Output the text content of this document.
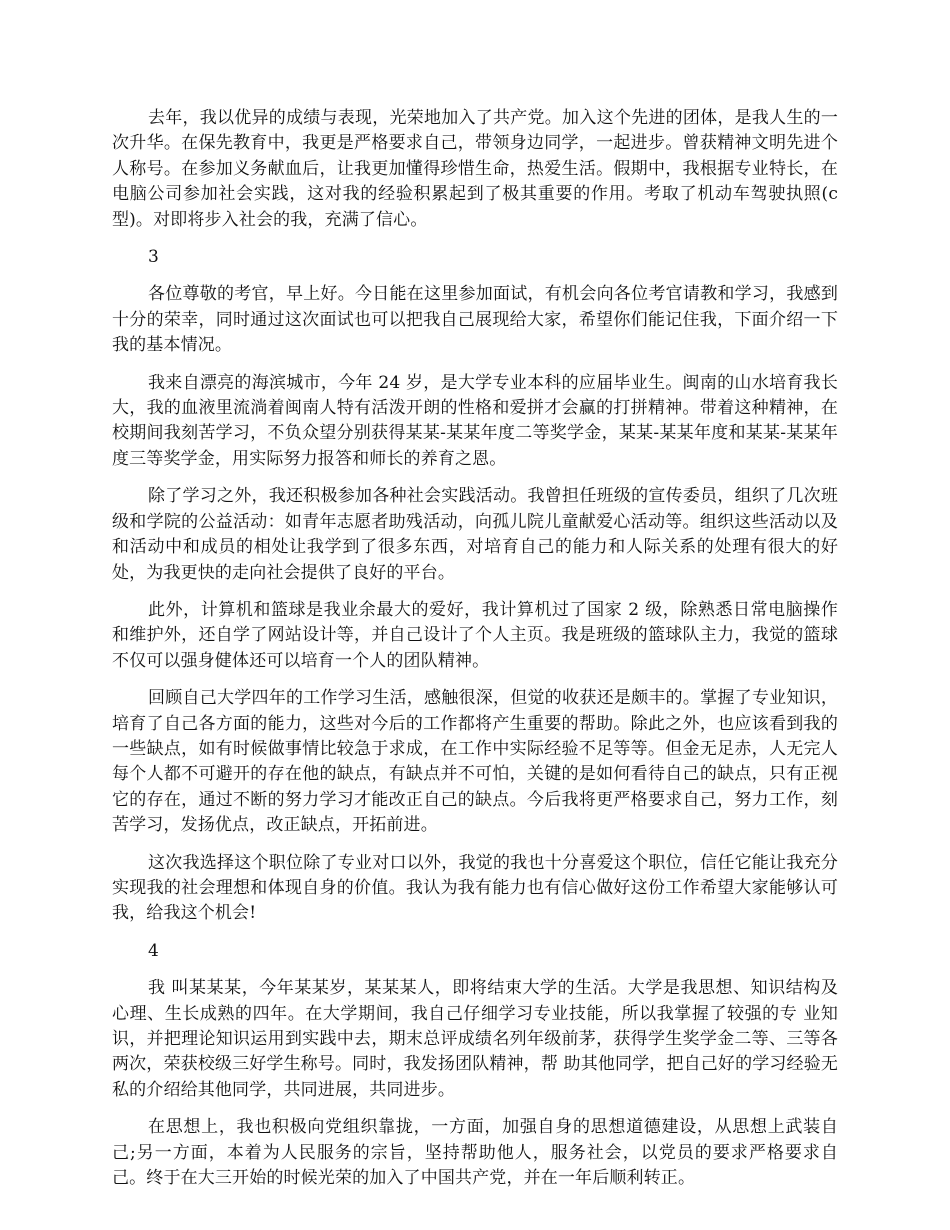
去年，我以优异的成绩与表现，光荣地加入了共产党。加入这个先进的团体，是我人生的一次升华。在保先教育中，我更是严格要求自己，带领身边同学，一起进步。曾获精神文明先进个人称号。在参加义务献血后，让我更加懂得珍惜生命，热爱生活。假期中，我根据专业特长，在电脑公司参加社会实践，这对我的经验积累起到了极其重要的作用。考取了机动车驾驶执照(c 型)。对即将步入社会的我，充满了信心。

3

各位尊敬的考官，早上好。今日能在这里参加面试，有机会向各位考官请教和学习，我感到十分的荣幸，同时通过这次面试也可以把我自己展现给大家，希望你们能记住我，下面介绍一下我的基本情况。

我来自漂亮的海滨城市，今年 24 岁，是大学专业本科的应届毕业生。闽南的山水培育我长大，我的血液里流淌着闽南人特有活泼开朗的性格和爱拼才会赢的打拼精神。带着这种精神，在校期间我刻苦学习，不负众望分别获得某某-某某年度二等奖学金，某某-某某年度和某某-某某年度三等奖学金，用实际努力报答和师长的养育之恩。

除了学习之外，我还积极参加各种社会实践活动。我曾担任班级的宣传委员，组织了几次班级和学院的公益活动：如青年志愿者助残活动，向孤儿院儿童献爱心活动等。组织这些活动以及和活动中和成员的相处让我学到了很多东西，对培育自己的能力和人际关系的处理有很大的好处，为我更快的走向社会提供了良好的平台。

此外，计算机和篮球是我业余最大的爱好，我计算机过了国家 2 级，除熟悉日常电脑操作和维护外，还自学了网站设计等，并自己设计了个人主页。我是班级的篮球队主力，我觉的篮球不仅可以强身健体还可以培育一个人的团队精神。

回顾自己大学四年的工作学习生活，感触很深，但觉的收获还是颇丰的。掌握了专业知识，培育了自己各方面的能力，这些对今后的工作都将产生重要的帮助。除此之外，也应该看到我的一些缺点，如有时候做事情比较急于求成，在工作中实际经验不足等等。但金无足赤，人无完人每个人都不可避开的存在他的缺点，有缺点并不可怕，关键的是如何看待自己的缺点，只有正视它的存在，通过不断的努力学习才能改正自己的缺点。今后我将更严格要求自己，努力工作，刻苦学习，发扬优点，改正缺点，开拓前进。

这次我选择这个职位除了专业对口以外，我觉的我也十分喜爱这个职位，信任它能让我充分实现我的社会理想和体现自身的价值。我认为我有能力也有信心做好这份工作希望大家能够认可我，给我这个机会!

4

我 叫某某某，今年某某岁，某某某人，即将结束大学的生活。大学是我思想、知识结构及心理、生长成熟的四年。在大学期间，我自己仔细学习专业技能，所以我掌握了较强的专 业知识，并把理论知识运用到实践中去，期末总评成绩名列年级前茅，获得学生奖学金二等、三等各两次，荣获校级三好学生称号。同时，我发扬团队精神，帮 助其他同学，把自己好的学习经验无私的介绍给其他同学，共同进展，共同进步。

在思想上，我也积极向党组织靠拢，一方面，加强自身的思想道德建设，从思想上武装自己;另一方面，本着为人民服务的宗旨，坚持帮助他人，服务社会，以党员的要求严格要求自己。终于在大三开始的时候光荣的加入了中国共产党，并在一年后顺利转正。
